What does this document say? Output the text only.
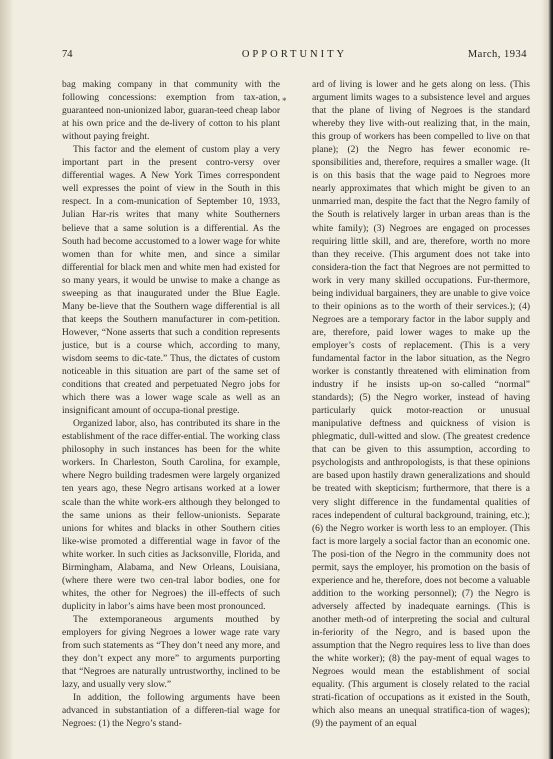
74	OPPORTUNITY	March, 1934
*

bag making company in that community with the following concessions: exemption from tax-ation, guaranteed non-unionized labor, guaran-teed cheap labor at his own price and the de-livery of cotton to his plant without paying freight.

This factor and the element of custom play a very important part in the present contro-versy over differential wages. A New York Times correspondent well expresses the point of view in the South in this respect. In a com-munication of September 10, 1933, Julian Har-ris writes that many white Southerners believe that a same solution is a differential. As the South had become accustomed to a lower wage for white women than for white men, and since a similar differential for black men and white men had existed for so many years, it would be unwise to make a change as sweeping as that inaugurated under the Blue Eagle. Many be-lieve that the Southern wage differential is all that keeps the Southern manufacturer in com-petition. However, “None asserts that such a condition represents justice, but is a course which, according to many, wisdom seems to dic-tate.” Thus, the dictates of custom noticeable in this situation are part of the same set of conditions that created and perpetuated Negro jobs for which there was a lower wage scale as well as an insignificant amount of occupa-tional prestige.

Organized labor, also, has contributed its share in the establishment of the race differ-ential. The working class philosophy in such instances has been for the white workers. In Charleston, South Carolina, for example, where Negro building tradesmen were largely organized ten years ago, these Negro artisans worked at a lower scale than the white work-ers although they belonged to the same unions as their fellow-unionists. Separate unions for whites and blacks in other Southern cities like-wise promoted a differential wage in favor of the white worker. In such cities as Jacksonville, Florida, and Birmingham, Alabama, and New Orleans, Louisiana, (where there were two cen-tral labor bodies, one for whites, the other for Negroes) the ill-effects of such duplicity in labor’s aims have been most pronounced.

The extemporaneous arguments mouthed by employers for giving Negroes a lower wage rate vary from such statements as “They don’t need any more, and they don’t expect any more” to arguments purporting that “Negroes are naturally untrustworthy, inclined to be lazy, and usually very slow.”

In addition, the following arguments have been advanced in substantiation of a differen-tial wage for Negroes: (1) the Negro’s stand-

ard of living is lower and he gets along on less. (This argument limits wages to a subsistence level and argues that the plane of living of Negroes is the standard whereby they live with-out realizing that, in the main, this group of workers has been compelled to live on that plane); (2) the Negro has fewer economic re-sponsibilities and, therefore, requires a smaller wage. (It is on this basis that the wage paid to Negroes more nearly approximates that which might be given to an unmarried man, despite the fact that the Negro family of the South is relatively larger in urban areas than is the white family); (3) Negroes are engaged on processes requiring little skill, and are, therefore, worth no more than they receive. (This argument does not take into considera-tion the fact that Negroes are not permitted to work in very many skilled occupations. Fur-thermore, being individual bargainers, they are unable to give voice to their opinions as to the worth of their services.); (4) Negroes are a temporary factor in the labor supply and are, therefore, paid lower wages to make up the employer’s costs of replacement. (This is a very fundamental factor in the labor situation, as the Negro worker is constantly threatened with elimination from industry if he insists up-on so-called “normal” standards); (5) the Negro worker, instead of having particularly quick motor-reaction or unusual manipulative deftness and quickness of vision is phlegmatic, dull-witted and slow. (The greatest credence that can be given to this assumption, according to psychologists and anthropologists, is that these opinions are based upon hastily drawn generalizations and should be treated with skepticism; furthermore, that there is a very slight difference in the fundamental qualities of races independent of cultural background, training, etc.); (6) the Negro worker is worth less to an employer. (This fact is more largely a social factor than an economic one. The posi-tion of the Negro in the community does not permit, says the employer, his promotion on the basis of experience and he, therefore, does not become a valuable addition to the working personnel); (7) the Negro is adversely affected by inadequate earnings. (This is another meth-od of interpreting the social and cultural in-feriority of the Negro, and is based upon the assumption that the Negro requires less to live than does the white worker); (8) the pay-ment of equal wages to Negroes would mean the establishment of social equality. (This argument is closely related to the racial strati-fication of occupations as it existed in the South, which also means an unequal stratifica-tion of wages); (9) the payment of an equal
